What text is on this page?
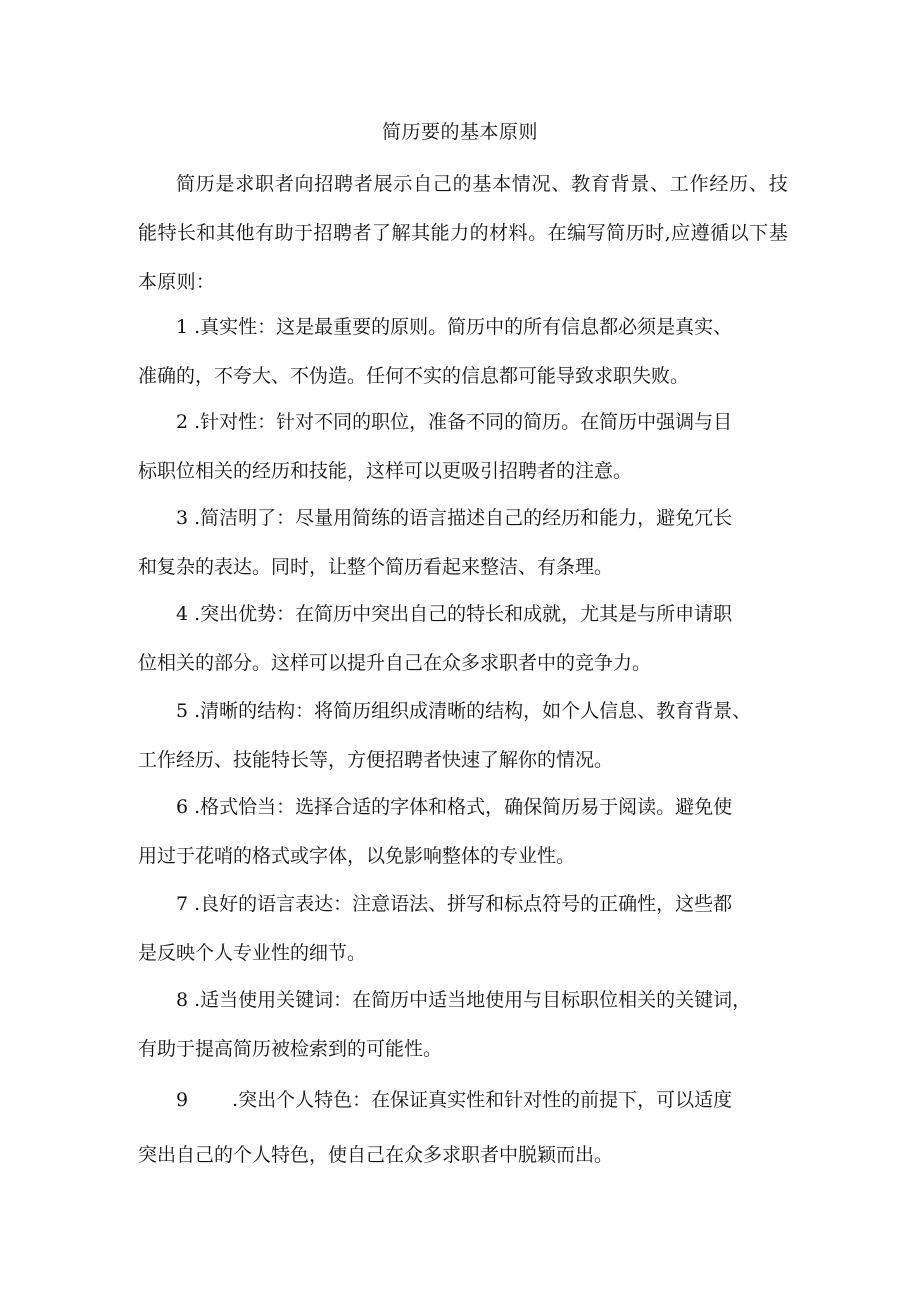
简历要的基本原则

简历是求职者向招聘者展示自己的基本情况、教育背景、工作经历、技能特长和其他有助于招聘者了解其能力的材料。在编写简历时,应遵循以下基本原则：

1 .真实性：这是最重要的原则。简历中的所有信息都必须是真实、
准确的，不夸大、不伪造。任何不实的信息都可能导致求职失败。
2 .针对性：针对不同的职位，准备不同的简历。在简历中强调与目
标职位相关的经历和技能，这样可以更吸引招聘者的注意。
3 .简洁明了：尽量用简练的语言描述自己的经历和能力，避免冗长
和复杂的表达。同时，让整个简历看起来整洁、有条理。
4 .突出优势：在简历中突出自己的特长和成就，尤其是与所申请职
位相关的部分。这样可以提升自己在众多求职者中的竞争力。
5 .清晰的结构：将简历组织成清晰的结构，如个人信息、教育背景、
工作经历、技能特长等，方便招聘者快速了解你的情况。
6 .格式恰当：选择合适的字体和格式，确保简历易于阅读。避免使
用过于花哨的格式或字体，以免影响整体的专业性。
7 .良好的语言表达：注意语法、拼写和标点符号的正确性，这些都
是反映个人专业性的细节。
8 .适当使用关键词：在简历中适当地使用与目标职位相关的关键词，
有助于提高简历被检索到的可能性。
9 .突出个人特色：在保证真实性和针对性的前提下，可以适度
突出自己的个人特色，使自己在众多求职者中脱颖而出。
